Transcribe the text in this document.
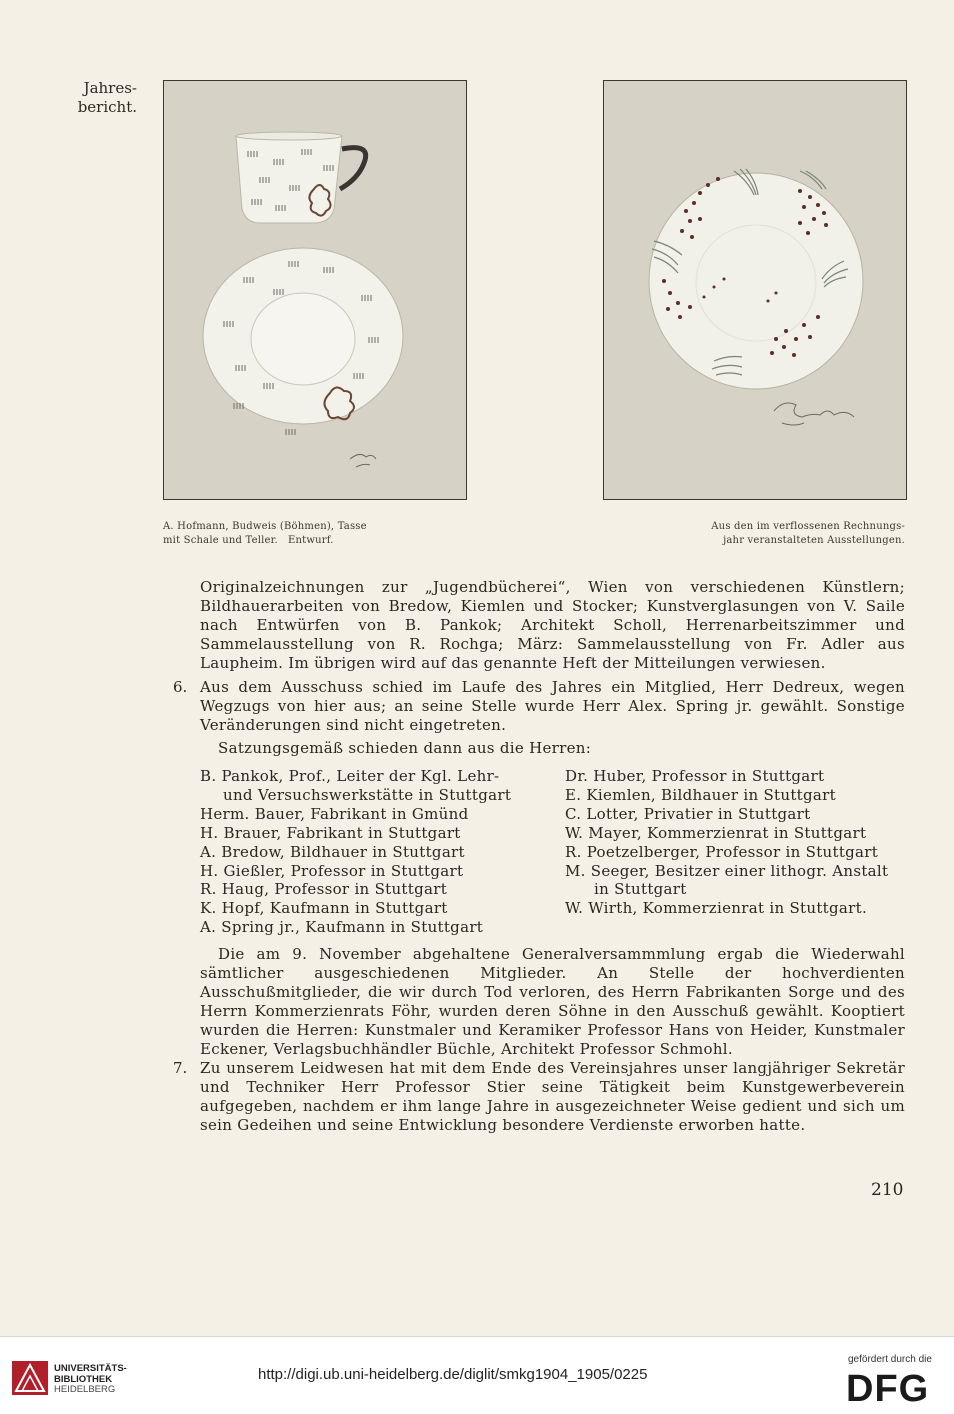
Jahres-
bericht.
A. Hofmann, Budweis (Böhmen), Tasse
mit Schale und Teller.   Entwurf.
Aus den im verflossenen Rechnungs-
jahr veranstalteten Ausstellungen.

Originalzeichnungen zur „Jugendbücherei“, Wien von verschiedenen Künstlern; Bildhauerarbeiten von Bredow, Kiemlen und Stocker; Kunstverglasungen von V. Saile nach Entwürfen von B. Pankok; Architekt Scholl, Herrenarbeitszimmer und Sammelausstellung von R. Rochga; März: Sammelausstellung von Fr. Adler aus Laupheim. Im übrigen wird auf das genannte Heft der Mitteilungen verwiesen.

6. Aus dem Ausschuss schied im Laufe des Jahres ein Mitglied, Herr Dedreux, wegen Wegzugs von hier aus; an seine Stelle wurde Herr Alex. Spring jr. gewählt. Sonstige Veränderungen sind nicht eingetreten.

Satzungsgemäß schieden dann aus die Herren:

B. Pankok, Prof., Leiter der Kgl. Lehr-
und Versuchswerkstätte in Stuttgart
Herm. Bauer, Fabrikant in Gmünd
H. Brauer, Fabrikant in Stuttgart
A. Bredow, Bildhauer in Stuttgart
H. Gießler, Professor in Stuttgart
R. Haug, Professor in Stuttgart
K. Hopf, Kaufmann in Stuttgart
A. Spring jr., Kaufmann in Stuttgart
Dr. Huber, Professor in Stuttgart
E. Kiemlen, Bildhauer in Stuttgart
C. Lotter, Privatier in Stuttgart
W. Mayer, Kommerzienrat in Stuttgart
R. Poetzelberger, Professor in Stuttgart
M. Seeger, Besitzer einer lithogr. Anstalt
in Stuttgart
W. Wirth, Kommerzienrat in Stuttgart.

Die am 9. November abgehaltene Generalversammmlung ergab die Wiederwahl sämtlicher ausgeschiedenen Mitglieder. An Stelle der hochverdienten Ausschußmitglieder, die wir durch Tod verloren, des Herrn Fabrikanten Sorge und des Herrn Kommerzienrats Föhr, wurden deren Söhne in den Ausschuß gewählt. Kooptiert wurden die Herren: Kunstmaler und Keramiker Professor Hans von Heider, Kunstmaler Eckener, Verlagsbuchhändler Büchle, Architekt Professor Schmohl.

7. Zu unserem Leidwesen hat mit dem Ende des Vereinsjahres unser langjähriger Sekretär und Techniker Herr Professor Stier seine Tätigkeit beim Kunstgewerbeverein aufgegeben, nachdem er ihm lange Jahre in ausgezeichneter Weise gedient und sich um sein Gedeihen und seine Entwicklung besondere Verdienste erworben hatte.

210
UNIVERSITÄTS-
BIBLIOTHEK
HEIDELBERG
http://digi.ub.uni-heidelberg.de/diglit/smkg1904_1905/0225
gefördert durch die
DFG
